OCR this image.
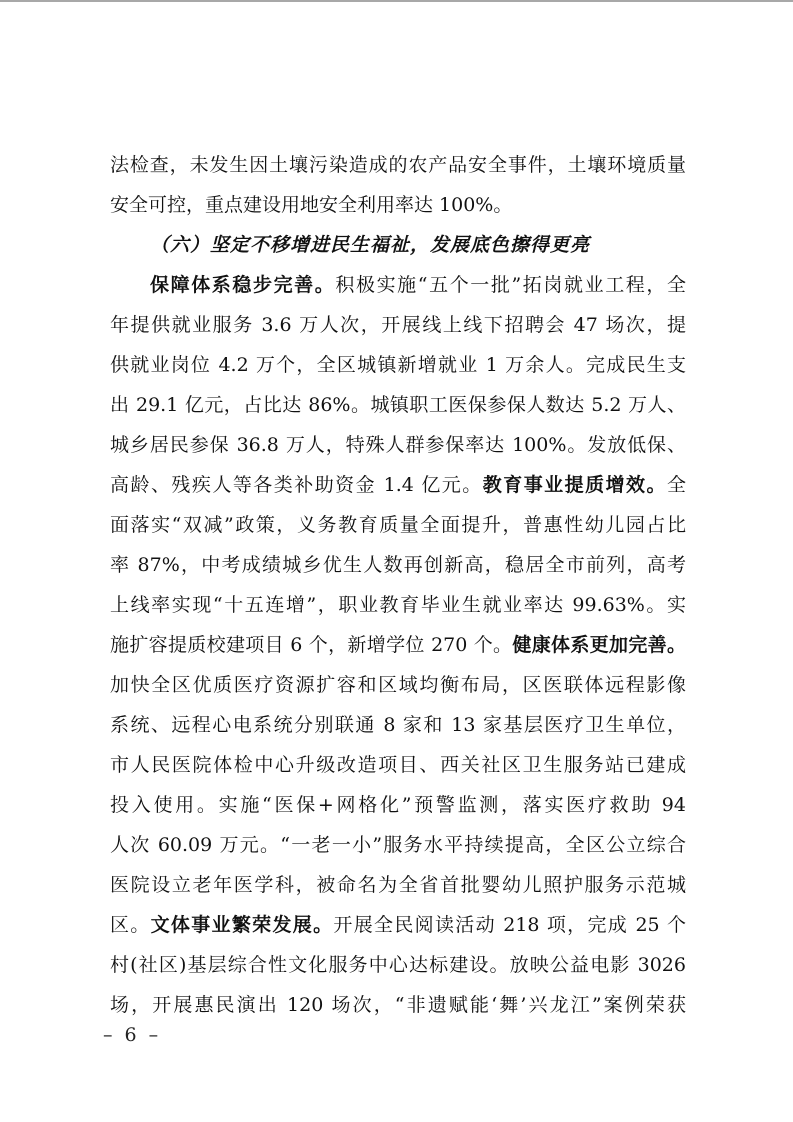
法检查，未发生因土壤污染造成的农产品安全事件，土壤环境质量
安全可控，重点建设用地安全利用率达 100%。
（六）坚定不移增进民生福祉，发展底色擦得更亮
保障体系稳步完善。积极实施“五个一批”拓岗就业工程，全
年提供就业服务 3.6 万人次，开展线上线下招聘会 47 场次，提
供就业岗位 4.2 万个，全区城镇新增就业 1 万余人。完成民生支
出 29.1 亿元，占比达 86%。城镇职工医保参保人数达 5.2 万人、
城乡居民参保 36.8 万人，特殊人群参保率达 100%。发放低保、
高龄、残疾人等各类补助资金 1.4 亿元。教育事业提质增效。全
面落实“双减”政策，义务教育质量全面提升，普惠性幼儿园占比
率 87%，中考成绩城乡优生人数再创新高，稳居全市前列，高考
上线率实现“十五连增”，职业教育毕业生就业率达 99.63%。实
施扩容提质校建项目 6 个，新增学位 270 个。健康体系更加完善。
加快全区优质医疗资源扩容和区域均衡布局，区医联体远程影像
系统、远程心电系统分别联通 8 家和 13 家基层医疗卫生单位，
市人民医院体检中心升级改造项目、西关社区卫生服务站已建成
投入使用。实施“医保+网格化”预警监测，落实医疗救助 94
人次 60.09 万元。“一老一小”服务水平持续提高，全区公立综合
医院设立老年医学科，被命名为全省首批婴幼儿照护服务示范城
区。文体事业繁荣发展。开展全民阅读活动 218 项，完成 25 个
村(社区)基层综合性文化服务中心达标建设。放映公益电影 3026
场，开展惠民演出 120 场次，“非遗赋能‘舞’兴龙江”案例荣获
– 6 –
